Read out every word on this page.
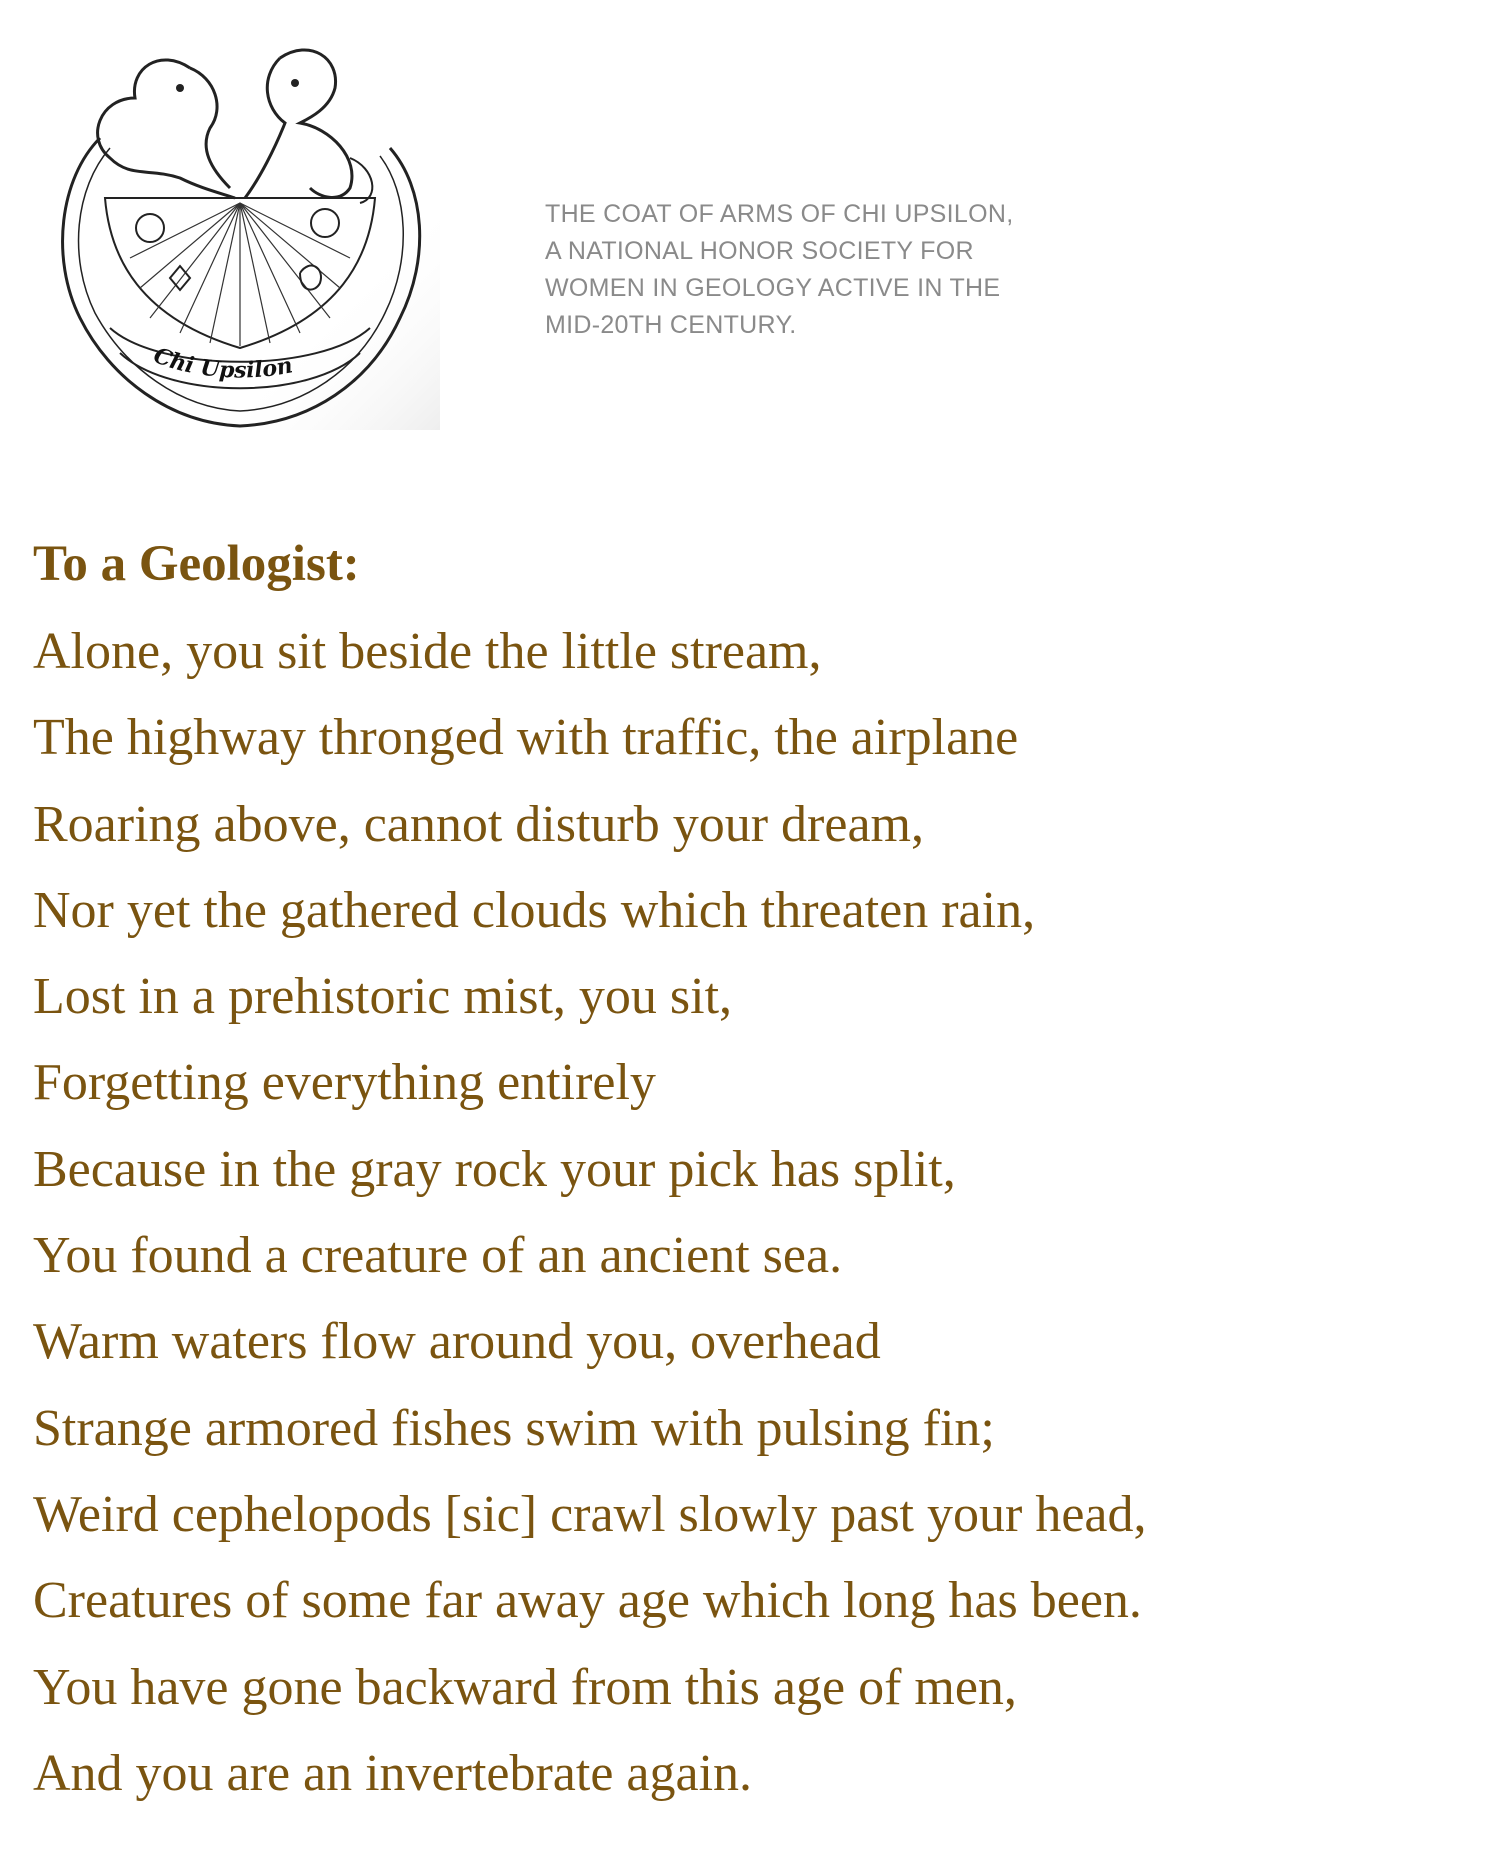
Chi Upsilon
THE COAT OF ARMS OF CHI UPSILON,
A NATIONAL HONOR SOCIETY FOR
WOMEN IN GEOLOGY ACTIVE IN THE
MID-20TH CENTURY.
To a Geologist:
Alone, you sit beside the little stream,
The highway thronged with traffic, the airplane
Roaring above, cannot disturb your dream,
Nor yet the gathered clouds which threaten rain,
Lost in a prehistoric mist, you sit,
Forgetting everything entirely
Because in the gray rock your pick has split,
You found a creature of an ancient sea.
Warm waters flow around you, overhead
Strange armored fishes swim with pulsing fin;
Weird cephelopods [sic] crawl slowly past your head,
Creatures of some far away age which long has been.
You have gone backward from this age of men,
And you are an invertebrate again.
